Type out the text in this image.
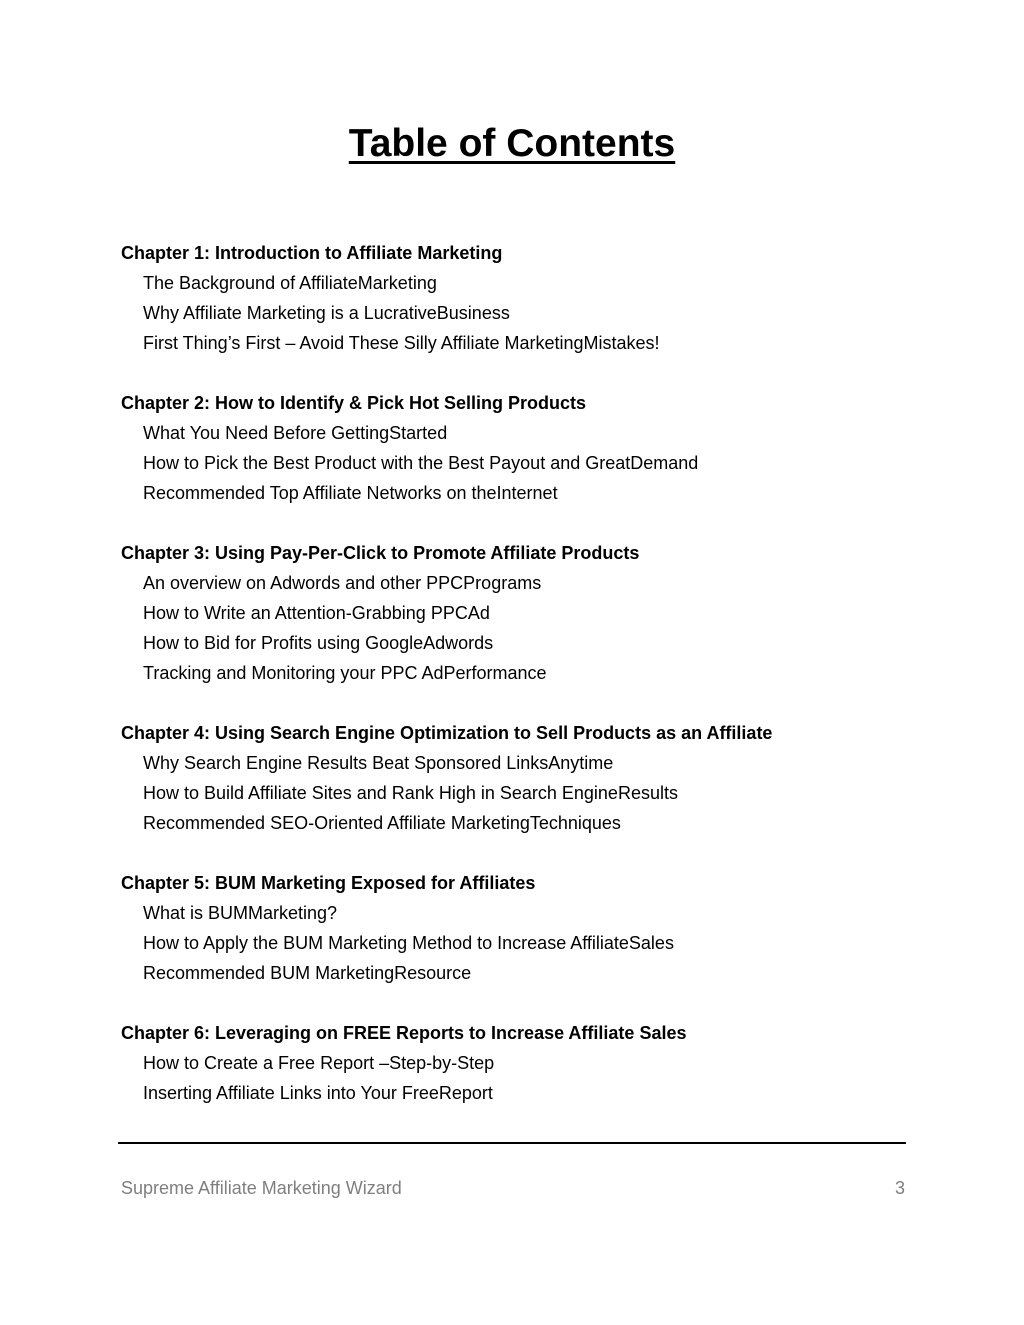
Table of Contents
Chapter 1: Introduction to Affiliate Marketing
The Background of AffiliateMarketing
Why Affiliate Marketing is a LucrativeBusiness
First Thing’s First – Avoid These Silly Affiliate MarketingMistakes!
Chapter 2: How to Identify & Pick Hot Selling Products
What You Need Before GettingStarted
How to Pick the Best Product with the Best Payout and GreatDemand
Recommended Top Affiliate Networks on theInternet
Chapter 3: Using Pay-Per-Click to Promote Affiliate Products
An overview on Adwords and other PPCPrograms
How to Write an Attention-Grabbing PPCAd
How to Bid for Profits using GoogleAdwords
Tracking and Monitoring your PPC AdPerformance
Chapter 4: Using Search Engine Optimization to Sell Products as an Affiliate
Why Search Engine Results Beat Sponsored LinksAnytime
How to Build Affiliate Sites and Rank High in Search EngineResults
Recommended SEO-Oriented Affiliate MarketingTechniques
Chapter 5: BUM Marketing Exposed for Affiliates
What is BUMMarketing?
How to Apply the BUM Marketing Method to Increase AffiliateSales
Recommended BUM MarketingResource
Chapter 6: Leveraging on FREE Reports to Increase Affiliate Sales
How to Create a Free Report –Step-by-Step
Inserting Affiliate Links into Your FreeReport
Supreme Affiliate Marketing Wizard	3
